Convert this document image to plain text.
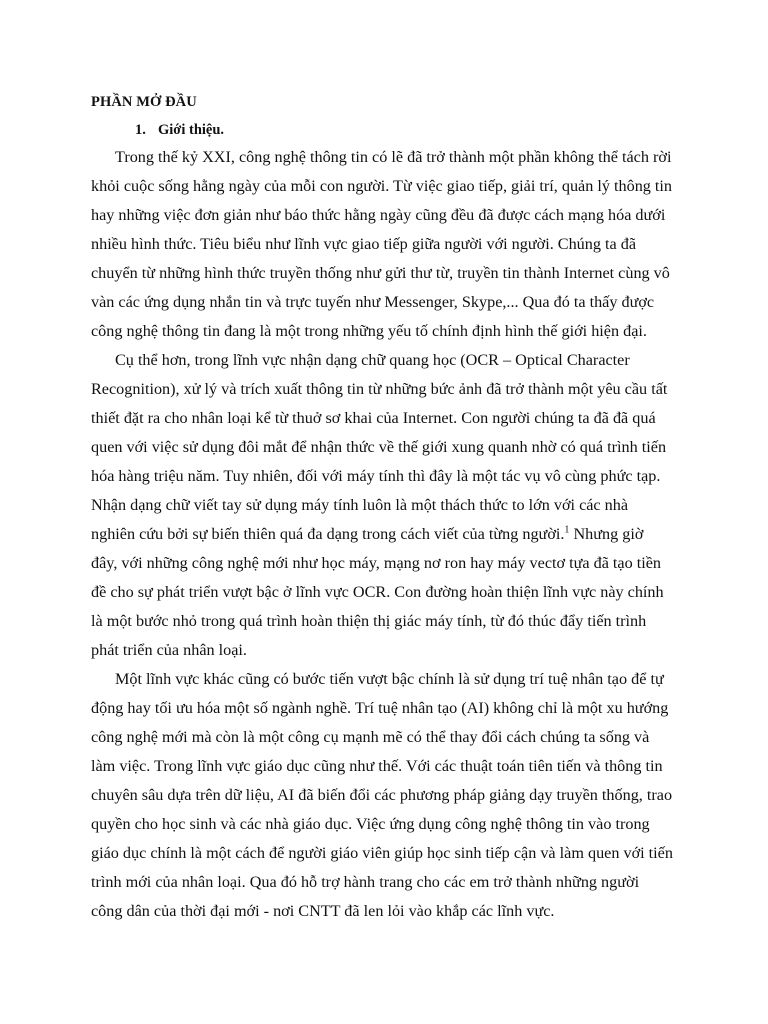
PHẦN MỞ ĐẦU

1. Giới thiệu.

Trong thế kỷ XXI, công nghệ thông tin có lẽ đã trở thành một phần không thể tách rời
khỏi cuộc sống hằng ngày của mỗi con người. Từ việc giao tiếp, giải trí, quản lý thông tin
hay những việc đơn giản như báo thức hằng ngày cũng đều đã được cách mạng hóa dưới
nhiều hình thức. Tiêu biểu như lĩnh vực giao tiếp giữa người với người. Chúng ta đã
chuyển từ những hình thức truyền thống như gửi thư từ, truyền tin thành Internet cùng vô
vàn các ứng dụng nhắn tin và trực tuyến như Messenger, Skype,... Qua đó ta thấy được
công nghệ thông tin đang là một trong những yếu tố chính định hình thế giới hiện đại.

Cụ thể hơn, trong lĩnh vực nhận dạng chữ quang học (OCR – Optical Character
Recognition), xử lý và trích xuất thông tin từ những bức ảnh đã trở thành một yêu cầu tất
thiết đặt ra cho nhân loại kể từ thuở sơ khai của Internet. Con người chúng ta đã đã quá
quen với việc sử dụng đôi mắt để nhận thức về thế giới xung quanh nhờ có quá trình tiến
hóa hàng triệu năm. Tuy nhiên, đối với máy tính thì đây là một tác vụ vô cùng phức tạp.
Nhận dạng chữ viết tay sử dụng máy tính luôn là một thách thức to lớn với các nhà
nghiên cứu bởi sự biến thiên quá đa dạng trong cách viết của từng người.$^1$ Nhưng giờ
đây, với những công nghệ mới như học máy, mạng nơ ron hay máy vectơ tựa đã tạo tiền
đề cho sự phát triển vượt bậc ở lĩnh vực OCR. Con đường hoàn thiện lĩnh vực này chính
là một bước nhỏ trong quá trình hoàn thiện thị giác máy tính, từ đó thúc đẩy tiến trình
phát triển của nhân loại.

Một lĩnh vực khác cũng có bước tiến vượt bậc chính là sử dụng trí tuệ nhân tạo để tự
động hay tối ưu hóa một số ngành nghề. Trí tuệ nhân tạo (AI) không chỉ là một xu hướng
công nghệ mới mà còn là một công cụ mạnh mẽ có thể thay đổi cách chúng ta sống và
làm việc. Trong lĩnh vực giáo dục cũng như thế. Với các thuật toán tiên tiến và thông tin
chuyên sâu dựa trên dữ liệu, AI đã biến đổi các phương pháp giảng dạy truyền thống, trao
quyền cho học sinh và các nhà giáo dục. Việc ứng dụng công nghệ thông tin vào trong
giáo dục chính là một cách để người giáo viên giúp học sinh tiếp cận và làm quen với tiến
trình mới của nhân loại. Qua đó hỗ trợ hành trang cho các em trở thành những người
công dân của thời đại mới - nơi CNTT đã len lỏi vào khắp các lĩnh vực.
